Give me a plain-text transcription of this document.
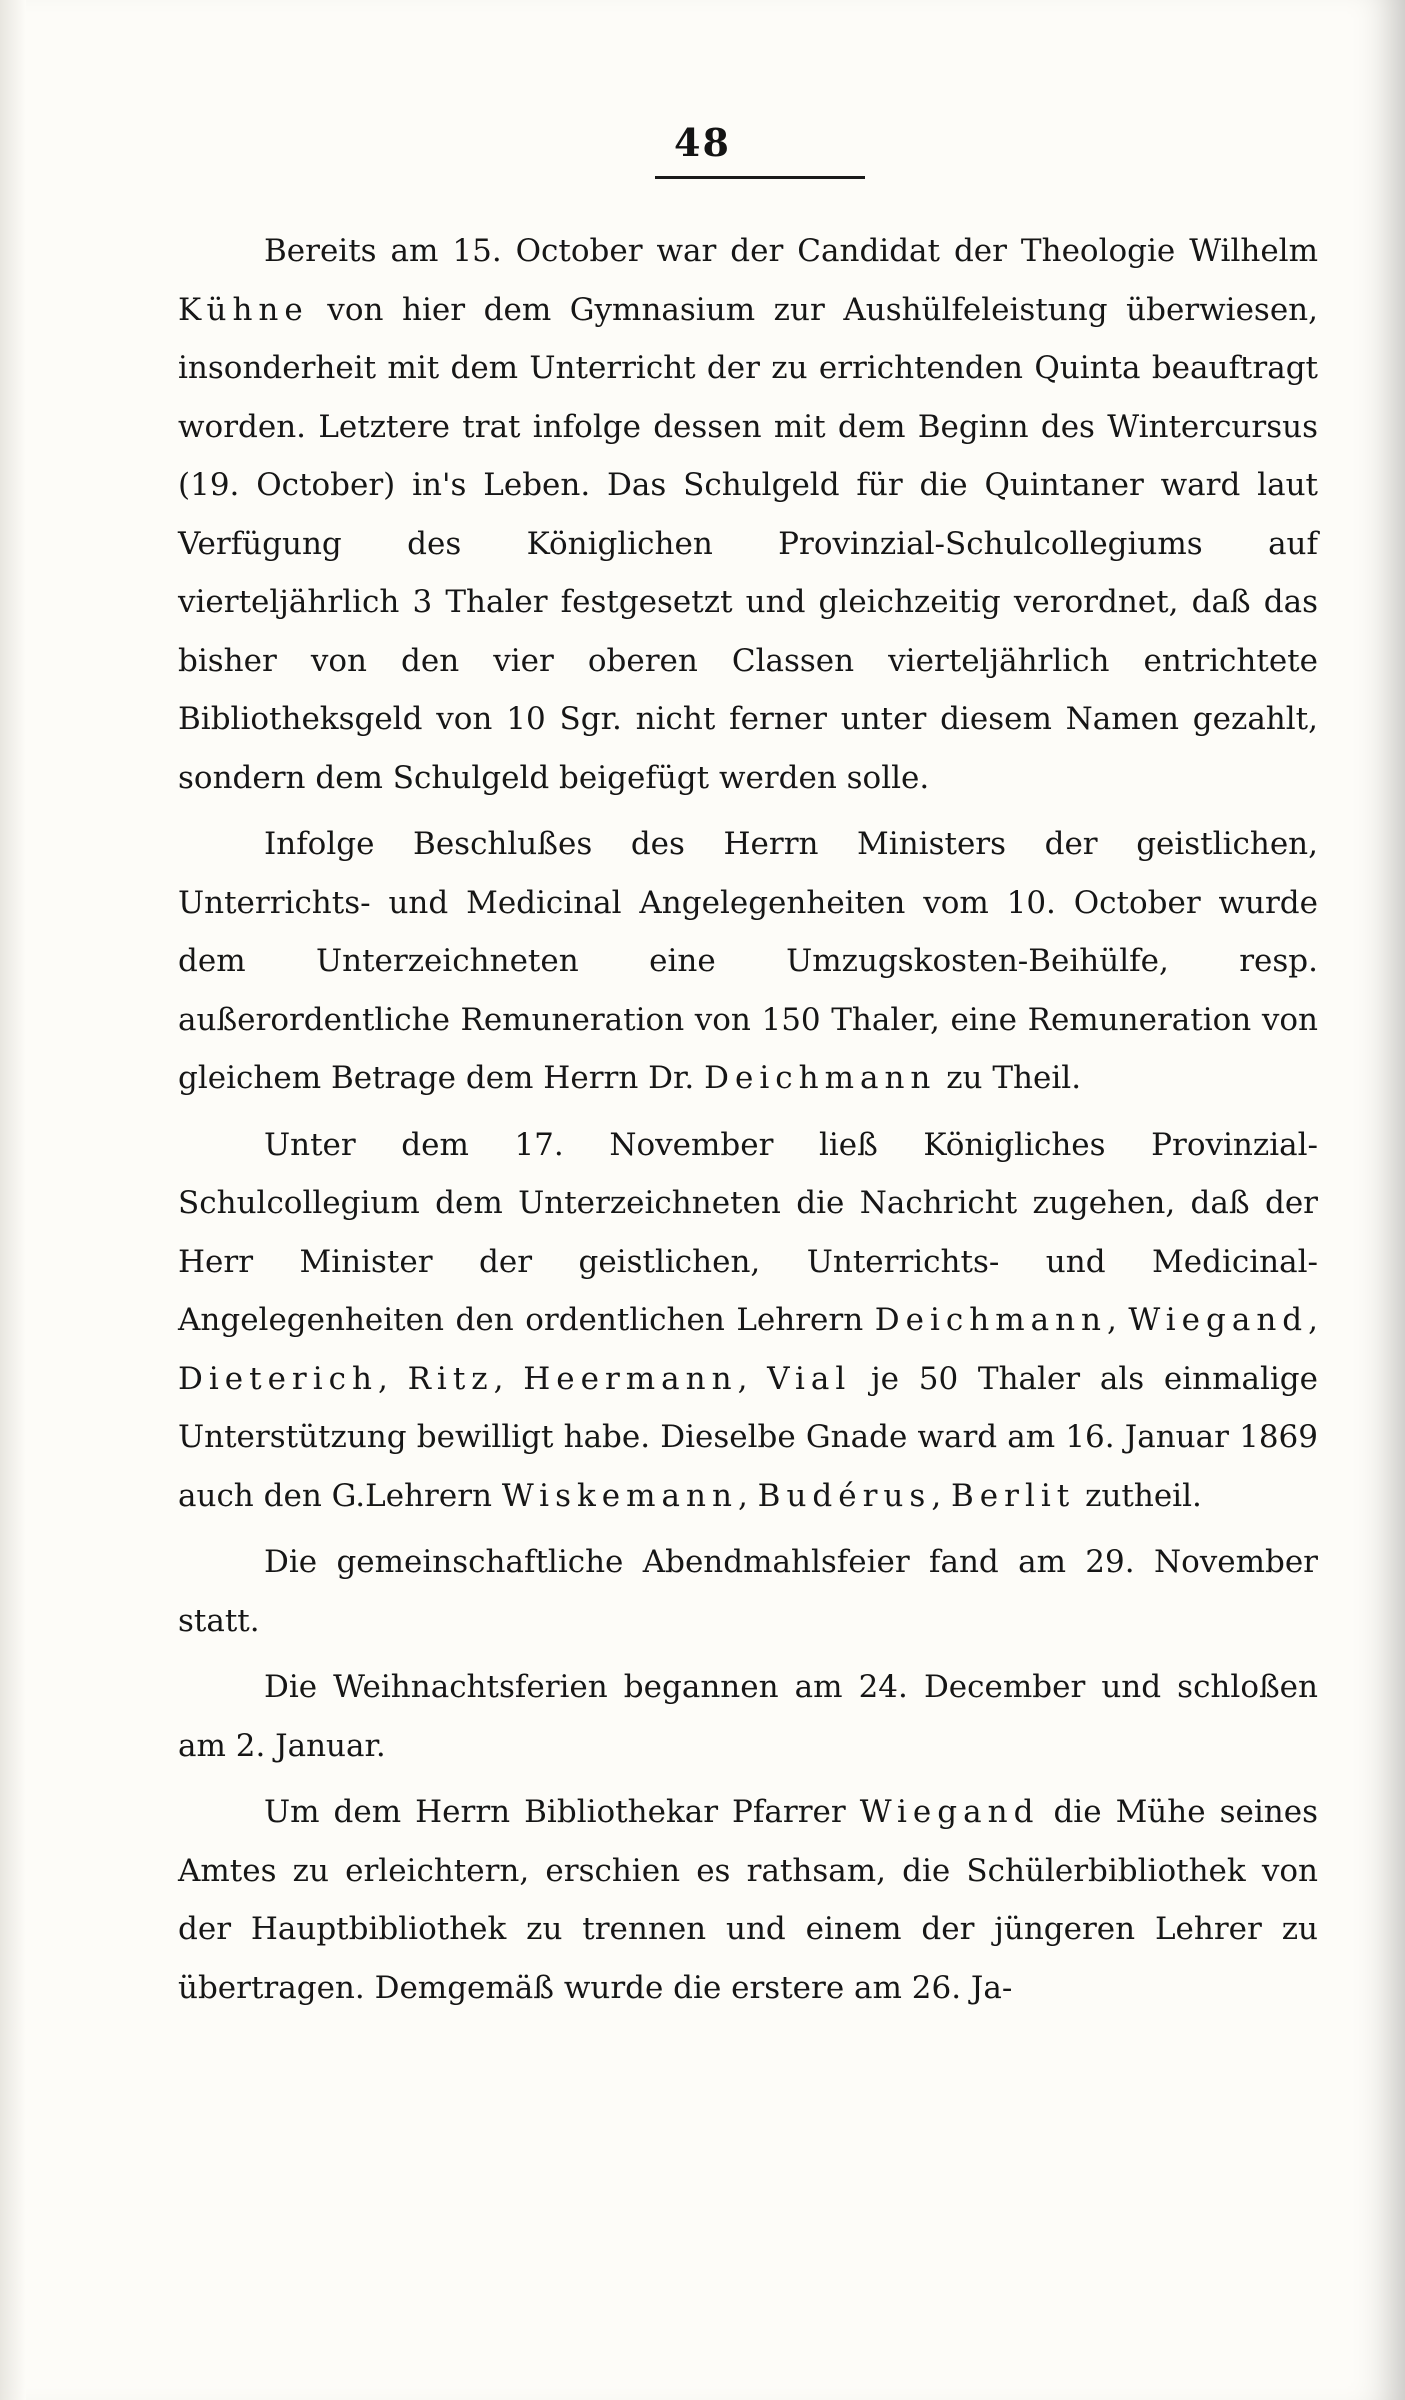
48

Bereits am 15. October war der Candidat der Theologie Wilhelm Kühne von hier dem Gymnasium zur Aushülfeleistung überwiesen, insonderheit mit dem Unterricht der zu errichtenden Quinta beauftragt worden. Letztere trat infolge dessen mit dem Beginn des Wintercursus (19. October) in's Leben. Das Schulgeld für die Quintaner ward laut Verfügung des Königlichen Provinzial-Schulcollegiums auf vierteljährlich 3 Thaler festgesetzt und gleichzeitig verordnet, daß das bisher von den vier oberen Classen vierteljährlich entrichtete Bibliotheksgeld von 10 Sgr. nicht ferner unter diesem Namen gezahlt, sondern dem Schulgeld beigefügt werden solle.

Infolge Beschlußes des Herrn Ministers der geistlichen, Unterrichts- und Medicinal Angelegenheiten vom 10. October wurde dem Unterzeichneten eine Umzugskosten-Beihülfe, resp. außerordentliche Remuneration von 150 Thaler, eine Remuneration von gleichem Betrage dem Herrn Dr. Deichmann zu Theil.

Unter dem 17. November ließ Königliches Provinzial-Schulcollegium dem Unterzeichneten die Nachricht zugehen, daß der Herr Minister der geistlichen, Unterrichts- und Medicinal-Angelegenheiten den ordentlichen Lehrern Deichmann, Wiegand, Dieterich, Ritz, Heermann, Vial je 50 Thaler als einmalige Unterstützung bewilligt habe. Dieselbe Gnade ward am 16. Januar 1869 auch den G.Lehrern Wiskemann, Budérus, Berlit zutheil.

Die gemeinschaftliche Abendmahlsfeier fand am 29. November statt.

Die Weihnachtsferien begannen am 24. December und schloßen am 2. Januar.

Um dem Herrn Bibliothekar Pfarrer Wiegand die Mühe seines Amtes zu erleichtern, erschien es rathsam, die Schülerbibliothek von der Hauptbibliothek zu trennen und einem der jüngeren Lehrer zu übertragen. Demgemäß wurde die erstere am 26. Ja-
